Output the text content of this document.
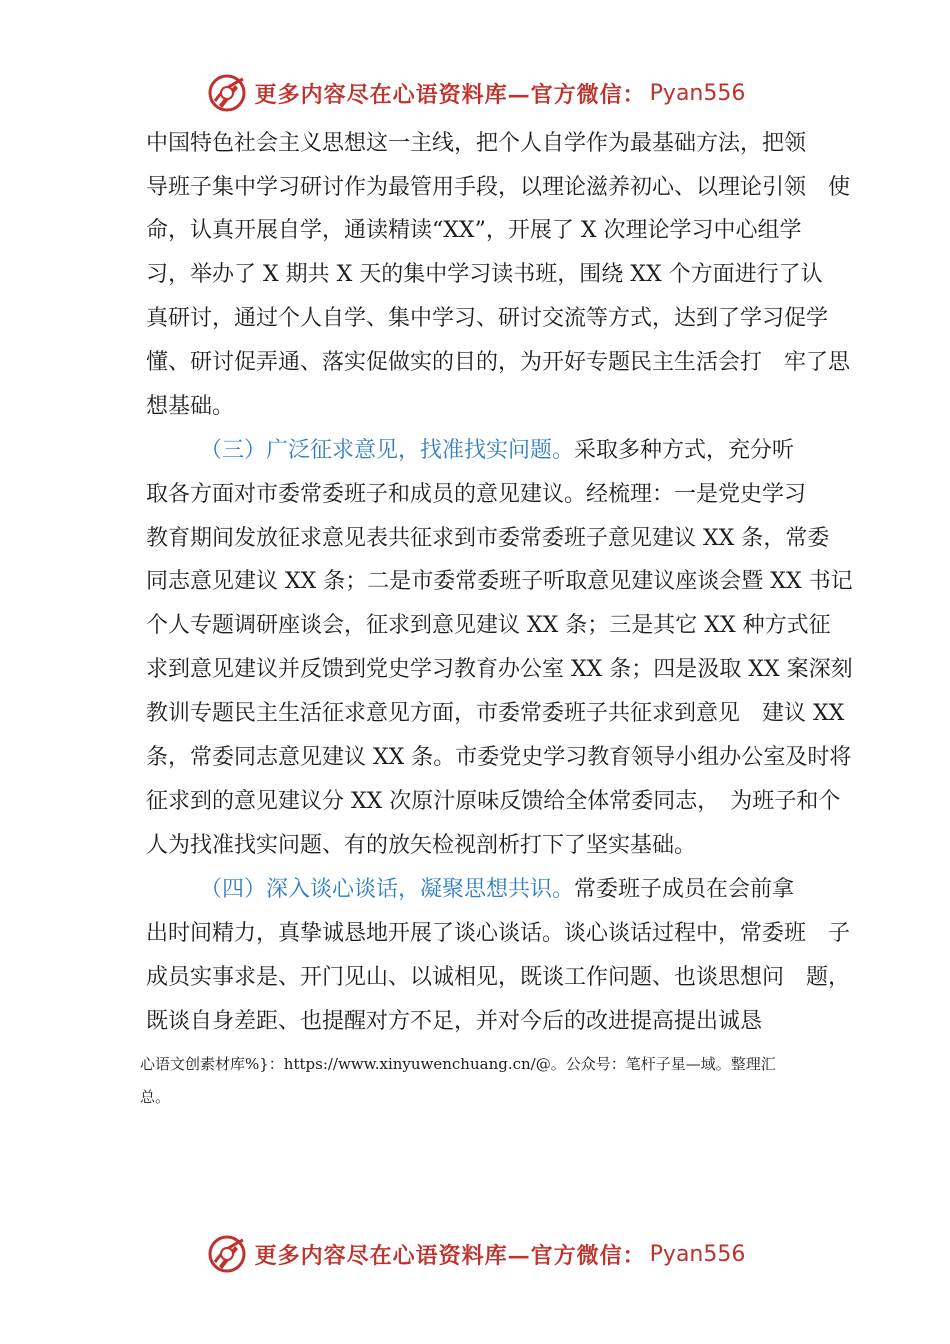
更多内容尽在心语资料库—官方微信： Pyan556
中国特色社会主义思想这一主线，把个人自学作为最基础方法，把领
导班子集中学习研讨作为最管用手段，以理论滋养初心、以理论引领　使
命，认真开展自学，通读精读“XX”，开展了 X 次理论学习中心组学
习，举办了 X 期共 X 天的集中学习读书班，围绕 XX 个方面进行了认
真研讨，通过个人自学、集中学习、研讨交流等方式，达到了学习促学
懂、研讨促弄通、落实促做实的目的，为开好专题民主生活会打　牢了思
想基础。
（三）广泛征求意见，找准找实问题。采取多种方式，充分听
取各方面对市委常委班子和成员的意见建议。经梳理：一是党史学习
教育期间发放征求意见表共征求到市委常委班子意见建议 XX 条，常委
同志意见建议 XX 条；二是市委常委班子听取意见建议座谈会暨 XX 书记
个人专题调研座谈会，征求到意见建议 XX 条；三是其它 XX 种方式征
求到意见建议并反馈到党史学习教育办公室 XX 条；四是汲取 XX 案深刻
教训专题民主生活征求意见方面，市委常委班子共征求到意见　建议 XX
条，常委同志意见建议 XX 条。市委党史学习教育领导小组办公室及时将
征求到的意见建议分 XX 次原汁原味反馈给全体常委同志，　为班子和个
人为找准找实问题、有的放矢检视剖析打下了坚实基础。
（四）深入谈心谈话，凝聚思想共识。常委班子成员在会前拿
出时间精力，真挚诚恳地开展了谈心谈话。谈心谈话过程中，常委班　子
成员实事求是、开门见山、以诚相见，既谈工作问题、也谈思想问　题，
既谈自身差距、也提醒对方不足，并对今后的改进提高提出诚恳
心语文创素材库%}：https://www.xinyuwenchuang.cn/@。公众号：笔杆子星—域。整理汇
总。
更多内容尽在心语资料库—官方微信： Pyan556
